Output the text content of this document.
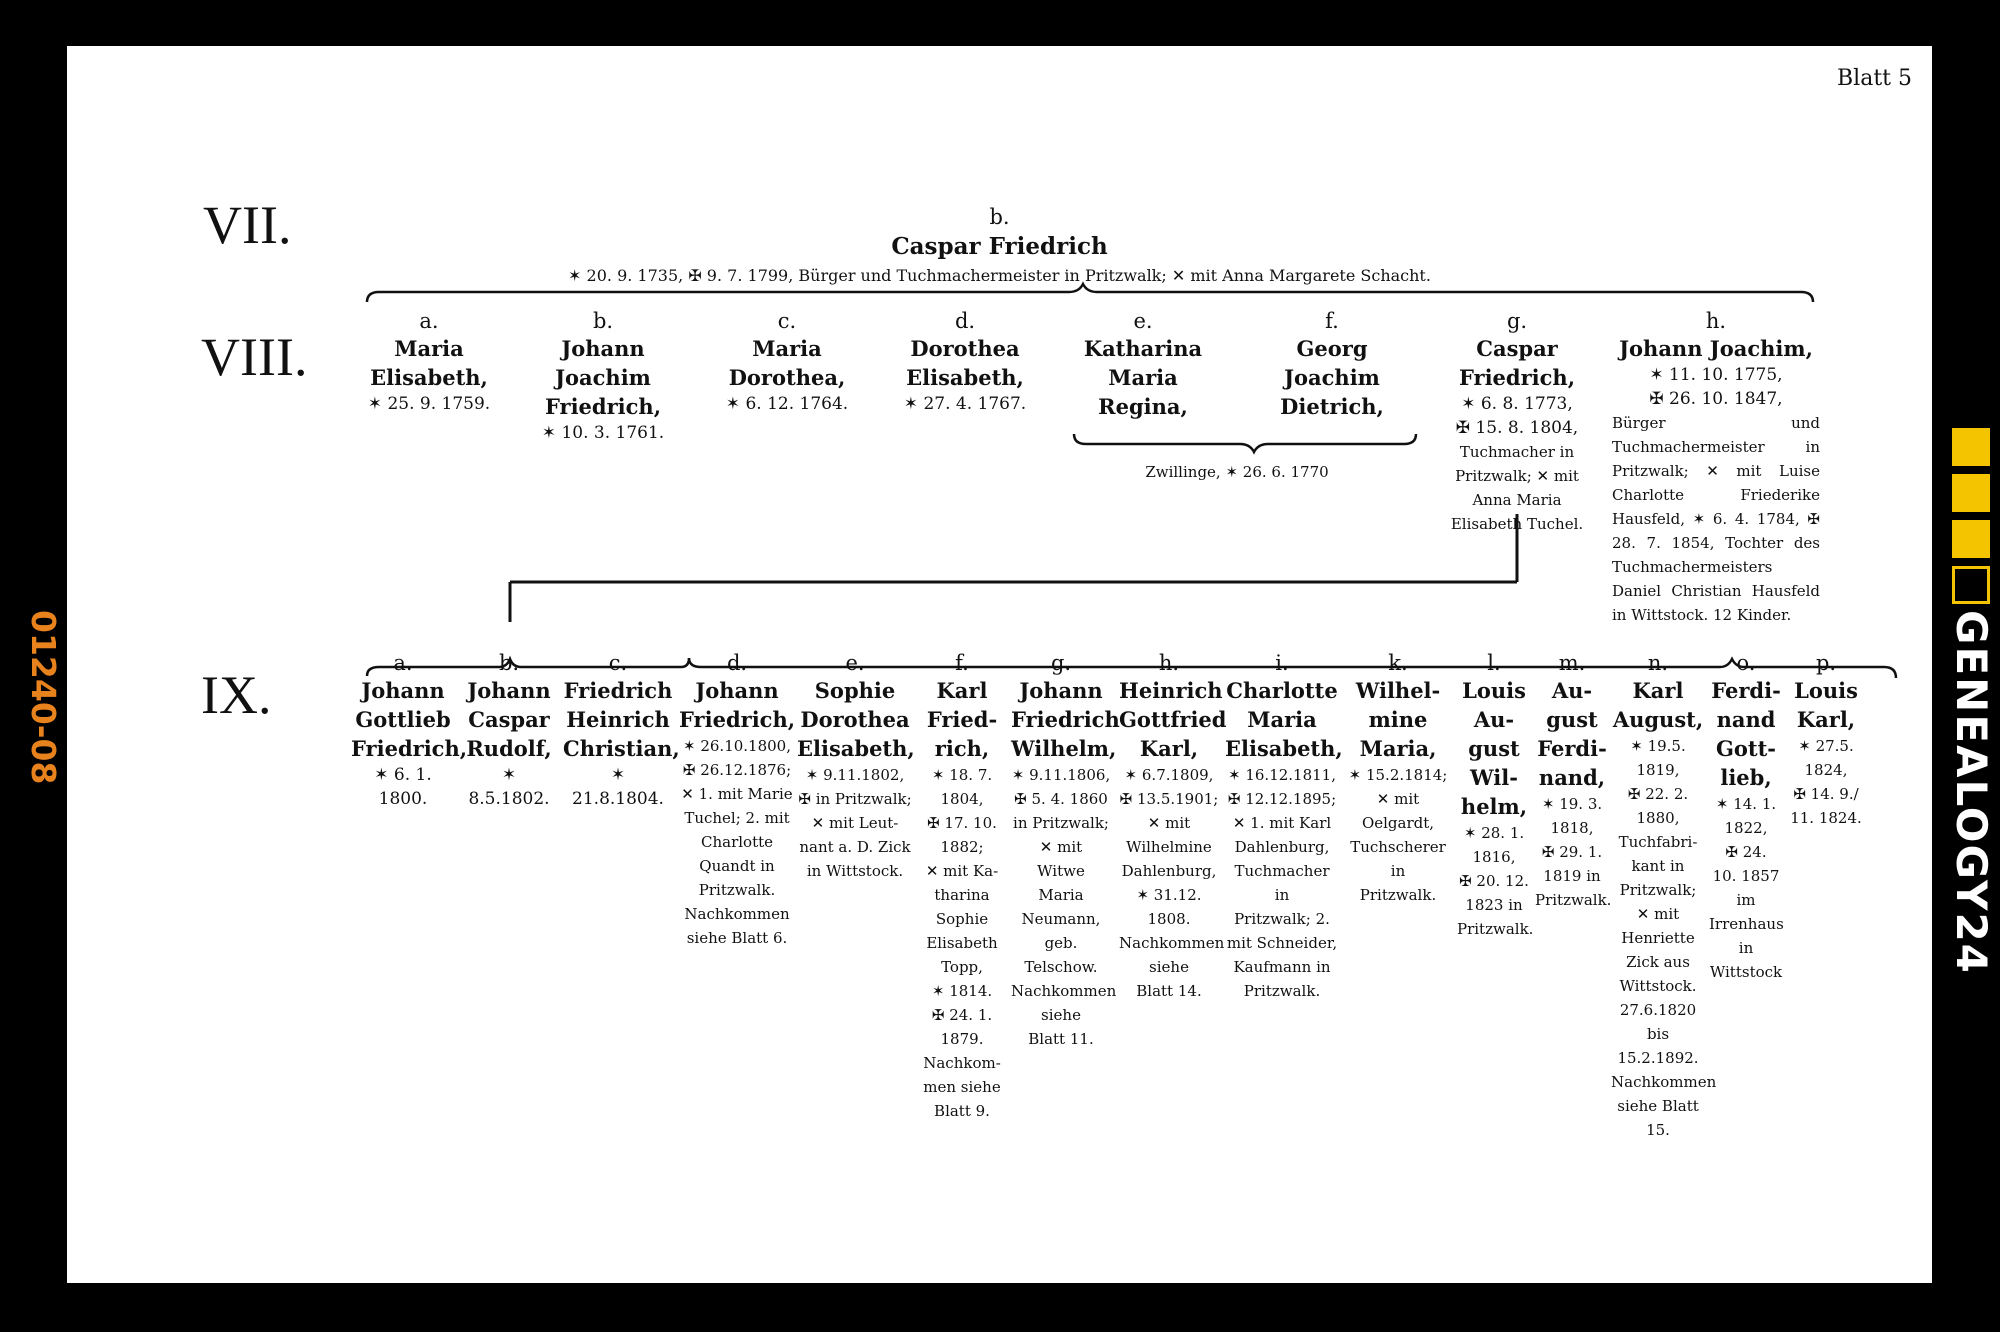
Blatt 5
VII.
VIII.
IX.
b.
Caspar Friedrich
✶ 20. 9. 1735, ✠ 9. 7. 1799, Bürger und Tuchmachermeister in Pritzwalk; ✕ mit Anna Margarete Schacht.
a.
Maria
Elisabeth,
✶ 25. 9. 1759.
b.
Johann
Joachim
Friedrich,
✶ 10. 3. 1761.
c.
Maria
Dorothea,
✶ 6. 12. 1764.
d.
Dorothea
Elisabeth,
✶ 27. 4. 1767.
e.
Katharina
Maria
Regina,
f.
Georg
Joachim
Dietrich,
Zwillinge, ✶ 26. 6. 1770
g.
Caspar
Friedrich,
✶ 6. 8. 1773,
✠ 15. 8. 1804,
Tuchmacher in
Pritzwalk; ✕ mit
Anna Maria
Elisabeth Tuchel.
h.
Johann Joachim,
✶ 11. 10. 1775,
✠ 26. 10. 1847,
Bürger und Tuchmachermeister in Pritzwalk; ✕ mit Luise Charlotte Friederike Hausfeld, ✶ 6. 4. 1784, ✠ 28. 7. 1854, Tochter des Tuchmachermeisters Daniel Christian Hausfeld in Wittstock. 12 Kinder.
a.
Johann
Gottlieb
Friedrich,
✶ 6. 1. 1800.
b.
Johann
Caspar
Rudolf,
✶ 8.5.1802.
c.
Friedrich
Heinrich
Christian,
✶ 21.8.1804.
d.
Johann
Friedrich,
✶ 26.10.1800,
✠ 26.12.1876;
✕ 1. mit Marie
Tuchel; 2. mit
Charlotte
Quandt in
Pritzwalk.
Nachkommen
siehe Blatt 6.
e.
Sophie
Dorothea
Elisabeth,
✶ 9.11.1802,
✠ in Pritzwalk;
✕ mit Leut-
nant a. D. Zick
in Wittstock.
f.
Karl
Fried-
rich,
✶ 18. 7.
1804,
✠ 17. 10.
1882;
✕ mit Ka-
tharina
Sophie
Elisabeth
Topp,
✶ 1814.
✠ 24. 1.
1879.
Nachkom-
men siehe
Blatt 9.
g.
Johann
Friedrich
Wilhelm,
✶ 9.11.1806,
✠ 5. 4. 1860
in Pritzwalk;
✕ mit
Witwe
Maria
Neumann,
geb.
Telschow.
Nachkommen
siehe
Blatt 11.
h.
Heinrich
Gottfried
Karl,
✶ 6.7.1809,
✠ 13.5.1901;
✕ mit
Wilhelmine
Dahlenburg,
✶ 31.12.
1808.
Nachkommen
siehe
Blatt 14.
i.
Charlotte
Maria
Elisabeth,
✶ 16.12.1811,
✠ 12.12.1895;
✕ 1. mit Karl
Dahlenburg,
Tuchmacher in
Pritzwalk; 2.
mit Schneider,
Kaufmann in
Pritzwalk.
k.
Wilhel-
mine
Maria,
✶ 15.2.1814;
✕ mit
Oelgardt,
Tuchscherer in
Pritzwalk.
l.
Louis
Au-
gust
Wil-
helm,
✶ 28. 1.
1816,
✠ 20. 12.
1823 in
Pritzwalk.
m.
Au-
gust
Ferdi-
nand,
✶ 19. 3.
1818,
✠ 29. 1.
1819 in
Pritzwalk.
n.
Karl
August,
✶ 19.5.
1819,
✠ 22. 2.
1880,
Tuchfabri-
kant in
Pritzwalk;
✕ mit
Henriette
Zick aus
Wittstock.
27.6.1820
bis
15.2.1892.
Nachkommen
siehe Blatt
15.
o.
Ferdi-
nand
Gott-
lieb,
✶ 14. 1.
1822,
✠ 24.
10. 1857
im
Irrenhaus
in
Wittstock
p.
Louis
Karl,
✶ 27.5.
1824,
✠ 14. 9./
11. 1824.
01240-08	GENEALOGY24
